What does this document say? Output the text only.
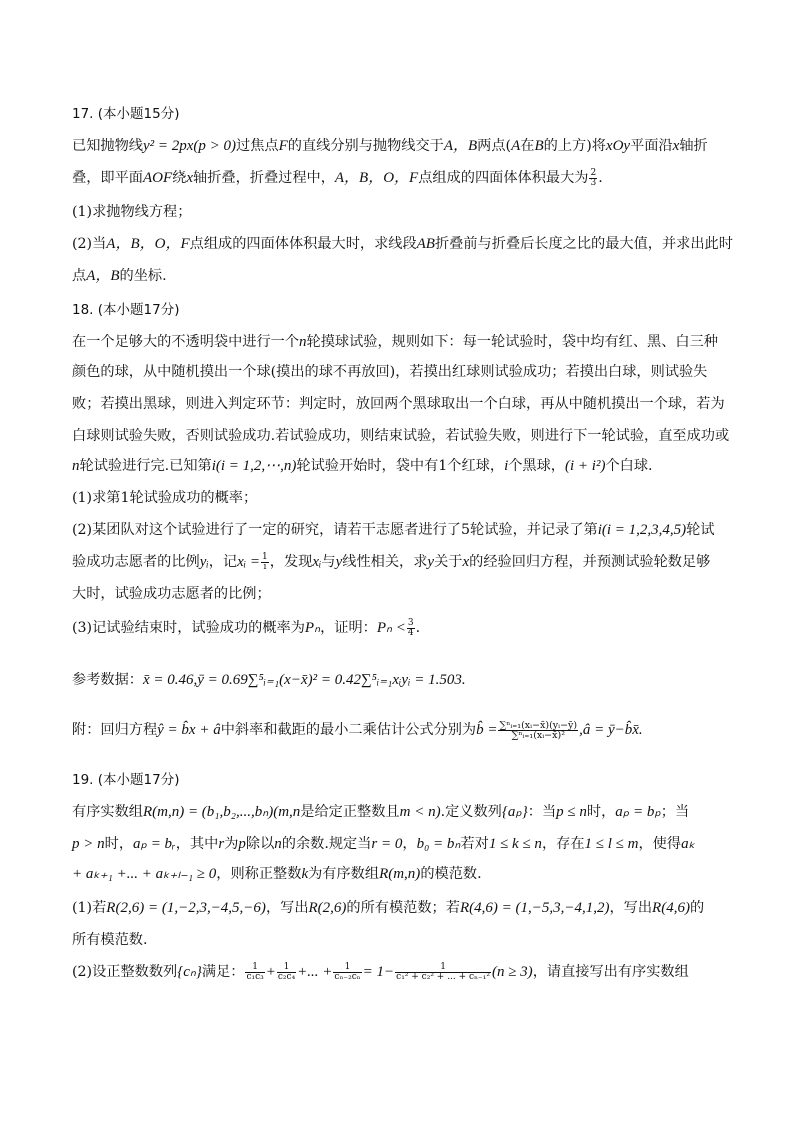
17. (本小题15分)
已知抛物线y² = 2px(p > 0)过焦点F的直线分别与抛物线交于A，B两点(A在B的上方)将xOy平面沿x轴折
叠，即平面AOF绕x轴折叠，折叠过程中，A，B，O，F点组成的四面体体积最大为 $\frac{2}{3}$ .
(1)求抛物线方程；
(2)当A，B，O，F点组成的四面体体积最大时，求线段AB折叠前与折叠后长度之比的最大值，并求出此时
点A，B的坐标.
18. (本小题17分)
在一个足够大的不透明袋中进行一个n轮摸球试验，规则如下：每一轮试验时，袋中均有红、黑、白三种
颜色的球，从中随机摸出一个球(摸出的球不再放回)，若摸出红球则试验成功；若摸出白球，则试验失
败；若摸出黑球，则进入判定环节：判定时，放回两个黑球取出一个白球，再从中随机摸出一个球，若为
白球则试验失败，否则试验成功.若试验成功，则结束试验，若试验失败，则进行下一轮试验，直至成功或
n轮试验进行完.已知第i(i = 1,2,⋯,n)轮试验开始时，袋中有1个红球，i个黑球，(i + i²)个白球.
(1)求第1轮试验成功的概率；
(2)某团队对这个试验进行了一定的研究，请若干志愿者进行了5轮试验，并记录了第i(i = 1,2,3,4,5)轮试
验成功志愿者的比例yᵢ，记xᵢ = $\frac{1}{i}$ ，发现xᵢ与y线性相关，求y关于x的经验回归方程，并预测试验轮数足够
大时，试验成功志愿者的比例；
(3)记试验结束时，试验成功的概率为Pₙ，证明：$P_n < \frac{3}{4}$ .
参考数据：x̄ = 0.46,ȳ = 0.69∑⁵ᵢ₌₁(x−x̄)² = 0.42∑⁵ᵢ₌₁xᵢyᵢ = 1.503.
附：回归方程ŷ = b̂x + â中斜率和截距的最小二乘估计公式分别为b̂ = $\frac{\text{∑ⁿᵢ₌₁(xᵢ−x̄)(yᵢ−ȳ)}}{\text{∑ⁿᵢ₌₁(xᵢ−x̄)²}}$ ,â = ȳ−b̂x̄.
19. (本小题17分)
有序实数组R(m,n) = (b₁,b₂,...,bₙ)(m,n是给定正整数且m < n).定义数列{aₚ}：当p ≤ n时，aₚ = bₚ；当
p > n时，aₚ = bᵣ，其中r为p除以n的余数.规定当r = 0，b₀ = bₙ若对1 ≤ k ≤ n，存在1 ≤ l ≤ m，使得aₖ
+ aₖ₊₁ +... + aₖ₊ₗ₋₁ ≥ 0，则称正整数k为有序数组R(m,n)的模范数.
(1)若R(2,6) = (1,−2,3,−4,5,−6)，写出R(2,6)的所有模范数；若R(4,6) = (1,−5,3,−4,1,2)，写出R(4,6)的
所有模范数.
(2)设正整数数列{cₙ}满足： $\frac{1}{\text{c₁c₃}} + \frac{1}{\text{c₂c₄}}$ +... + $\frac{1}{\text{cₙ₋₂cₙ}} = 1- \frac{1}{\text{c₁² + c₂² + ... + cₙ₋₁²}} (n \ge 3)$，请直接写出有序实数组
